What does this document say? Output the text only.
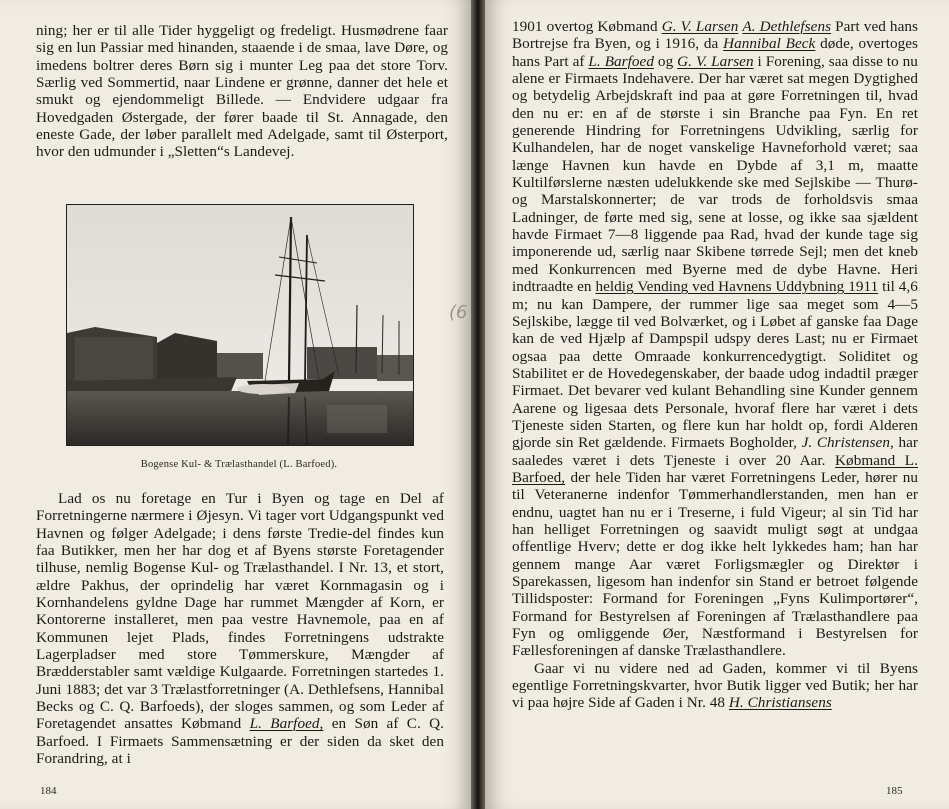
ning; her er til alle Tider hyggeligt og fredeligt. Husmødrene faar sig en lun Passiar med hinanden, staaende i de smaa, lave Døre, og imedens boltrer deres Børn sig i munter Leg paa det store Torv. Særlig ved Sommertid, naar Lindene er grønne, danner det hele et smukt og ejendommeligt Billede. — Endvidere udgaar fra Hovedgaden Østergade, der fører baade til St. Annagade, den eneste Gade, der løber parallelt med Adelgade, samt til Østerport, hvor den udmunder i „Sletten“s Landevej.

Bogense Kul- & Trælasthandel (L. Barfoed).

Lad os nu foretage en Tur i Byen og tage en Del af Forretningerne nærmere i Øjesyn. Vi tager vort Udgangspunkt ved Havnen og følger Adelgade; i dens første Tredie-del findes kun faa Butikker, men her har dog et af Byens største Foretagender tilhuse, nemlig Bogense Kul- og Trælasthandel. I Nr. 13, et stort, ældre Pakhus, der oprindelig har været Kornmagasin og i Kornhandelens gyldne Dage har rummet Mængder af Korn, er Kontorerne installeret, men paa vestre Havnemole, paa en af Kommunen lejet Plads, findes Forretningens udstrakte Lagerpladser med store Tømmerskure, Mængder af Brædderstabler samt vældige Kulgaarde. Forretningen startedes 1. Juni 1883; det var 3 Trælastforretninger (A. Dethlefsens, Hannibal Becks og C. Q. Barfoeds), der sloges sammen, og som Leder af Foretagendet ansattes Købmand L. Barfoed, en Søn af C. Q. Barfoed. I Firmaets Sammensætning er der siden da sket den Forandring, at i

184

1901 overtog Købmand G. V. Larsen A. Dethlefsens Part ved hans Bortrejse fra Byen, og i 1916, da Hannibal Beck døde, overtoges hans Part af L. Barfoed og G. V. Larsen i Forening, saa disse to nu alene er Firmaets Indehavere. Der har været sat megen Dygtighed og betydelig Arbejdskraft ind paa at gøre Forretningen til, hvad den nu er: en af de største i sin Branche paa Fyn. En ret generende Hindring for Forretningens Udvikling, særlig for Kulhandelen, har de noget vanskelige Havneforhold været; saa længe Havnen kun havde en Dybde af 3,1 m, maatte Kultilførslerne næsten udelukkende ske med Sejlskibe — Thurø- og Marstalskonnerter; de var trods de forholdsvis smaa Ladninger, de førte med sig, sene at losse, og ikke saa sjældent havde Firmaet 7—8 liggende paa Rad, hvad der kunde tage sig imponerende ud, særlig naar Skibene tørrede Sejl; men det kneb med Konkurrencen med Byerne med de dybe Havne. Heri indtraadte en heldig Vending ved Havnens Uddybning 1911 til 4,6 m; nu kan Dampere, der rummer lige saa meget som 4—5 Sejlskibe, lægge til ved Bolværket, og i Løbet af ganske faa Dage kan de ved Hjælp af Dampspil udspy deres Last; nu er Firmaet ogsaa paa dette Omraade konkurrencedygtigt. Soliditet og Stabilitet er de Hovedegenskaber, der baade udog indadtil præger Firmaet. Det bevarer ved kulant Behandling sine Kunder gennem Aarene og ligesaa dets Personale, hvoraf flere har været i dets Tjeneste siden Starten, og flere kun har holdt op, fordi Alderen gjorde sin Ret gældende. Firmaets Bogholder, J. Christensen, har saaledes været i dets Tjeneste i over 20 Aar. Købmand L. Barfoed, der hele Tiden har været Forretningens Leder, hører nu til Veteranerne indenfor Tømmerhandlerstanden, men han er endnu, uagtet han nu er i Treserne, i fuld Vigeur; al sin Tid har han helliget Forretningen og saavidt muligt søgt at undgaa offentlige Hverv; dette er dog ikke helt lykkedes ham; han har gennem mange Aar været Forligsmægler og Direktør i Sparekassen, ligesom han indenfor sin Stand er betroet følgende Tillidsposter: Formand for Foreningen „Fyns Kulimportører“, Formand for Bestyrelsen af Foreningen af Trælasthandlere paa Fyn og omliggende Øer, Næstformand i Bestyrelsen for Fællesforeningen af danske Trælasthandlere.

Gaar vi nu videre ned ad Gaden, kommer vi til Byens egentlige Forretningskvarter, hvor Butik ligger ved Butik; her har vi paa højre Side af Gaden i Nr. 48 H. Christiansens

185
(6
